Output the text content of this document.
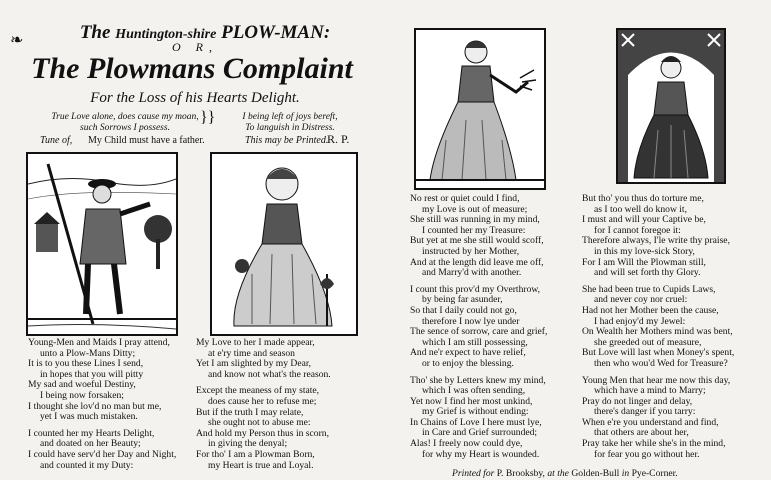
❧	The Huntington-shire PLOW-MAN:
O R,
The Plowmans Complaint
For the Loss of his Hearts Delight.
True Love alone, does cause my moan,
such Sorrows I possess.
}}	I being left of joys bereft,
To languish in Distress.
Tune of, My Child must have a father.	This may be Printed.
R. P.

Young-Men and Maids I pray attend,
unto a Plow-Mans Ditty;
It is to you these Lines I send,
in hopes that you will pitty
My sad and woeful Destiny,
I being now forsaken;
I thought she lov'd no man but me,
yet I was much mistaken.

I counted her my Hearts Delight,
and doated on her Beauty;
I could have serv'd her Day and Night,
and counted it my Duty:

My Love to her I made appear,
at e'ry time and season
Yet I am slighted by my Dear,
and know not what's the reason.

Except the meaness of my state,
does cause her to refuse me;
But if the truth I may relate,
she ought not to abuse me:
And hold my Person thus in scorn,
in giving the denyal;
For tho' I am a Plowman Born,
my Heart is true and Loyal.

No rest or quiet could I find,
my Love is out of measure;
She still was running in my mind,
I counted her my Treasure:
But yet at me she still would scoff,
instructed by her Mother,
And at the length did leave me off,
and Marry'd with another.

I count this prov'd my Overthrow,
by being far asunder,
So that I daily could not go,
therefore I now lye under
The sence of sorrow, care and grief,
which I am still possessing,
And ne'r expect to have relief,
or to enjoy the blessing.

Tho' she by Letters knew my mind,
which I was often sending,
Yet now I find her most unkind,
my Grief is without ending:
In Chains of Love I here must lye,
in Care and Grief surrounded;
Alas! I freely now could dye,
for why my Heart is wounded.

But tho' you thus do torture me,
as I too well do know it,
I must and will your Captive be,
for I cannot foregoe it:
Therefore always, I'le write thy praise,
in this my love-sick Story,
For I am Will the Plowman still,
and will set forth thy Glory.

She had been true to Cupids Laws,
and never coy nor cruel:
Had not her Mother been the cause,
I had enjoy'd my Jewel:
On Wealth her Mothers mind was bent,
she greeded out of measure,
But Love will last when Money's spent,
then who wou'd Wed for Treasure?

Young Men that hear me now this day,
which have a mind to Marry;
Pray do not linger and delay,
there's danger if you tarry:
When e're you understand and find,
that others are about her,
Pray take her while she's in the mind,
for fear you go without her.

Printed for P. Brooksby, at the Golden-Bull in Pye-Corner.
